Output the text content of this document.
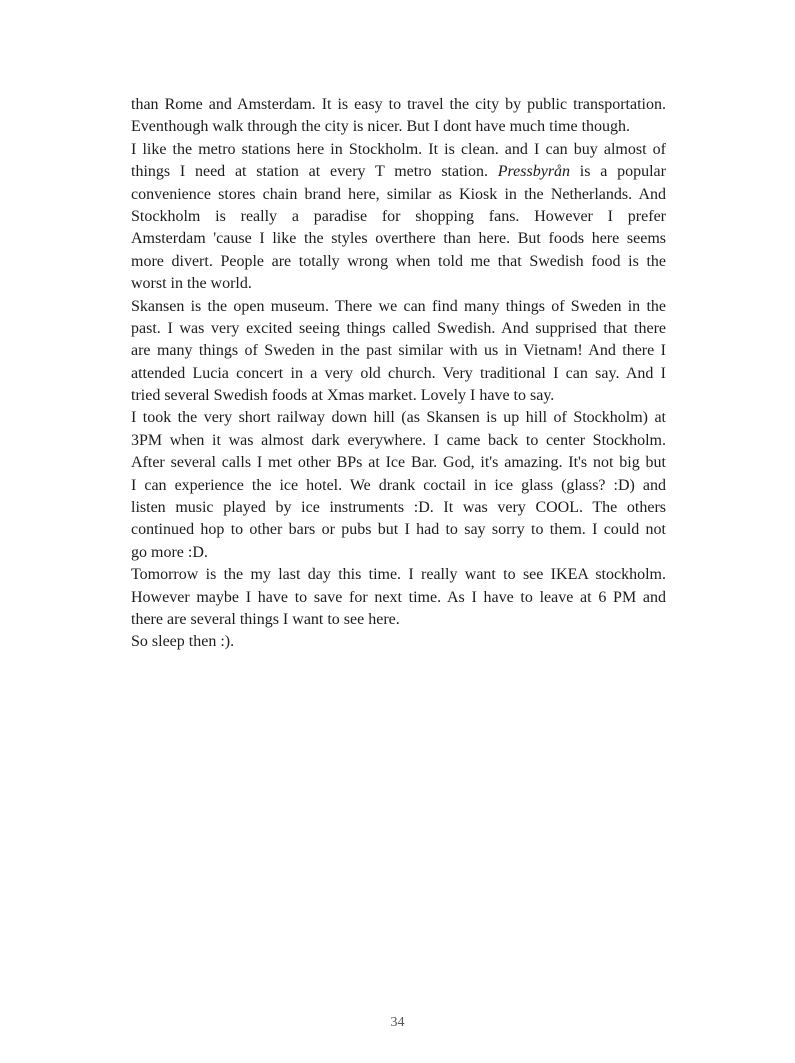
than Rome and Amsterdam. It is easy to travel the city by public transportation.
Eventhough walk through the city is nicer. But I dont have much time though.
I like the metro stations here in Stockholm. It is clean. and I can buy almost of
things I need at station at every T metro station. Pressbyrån is a popular
convenience stores chain brand here, similar as Kiosk in the Netherlands. And
Stockholm is really a paradise for shopping fans. However I prefer
Amsterdam 'cause I like the styles overthere than here. But foods here seems
more divert. People are totally wrong when told me that Swedish food is the
worst in the world.
Skansen is the open museum. There we can find many things of Sweden in the
past. I was very excited seeing things called Swedish. And supprised that there
are many things of Sweden in the past similar with us in Vietnam! And there I
attended Lucia concert in a very old church. Very traditional I can say. And I
tried several Swedish foods at Xmas market. Lovely I have to say.
I took the very short railway down hill (as Skansen is up hill of Stockholm) at
3PM when it was almost dark everywhere. I came back to center Stockholm.
After several calls I met other BPs at Ice Bar. God, it's amazing. It's not big but
I can experience the ice hotel. We drank coctail in ice glass (glass? :D) and
listen music played by ice instruments :D. It was very COOL. The others
continued hop to other bars or pubs but I had to say sorry to them. I could not
go more :D.
Tomorrow is the my last day this time. I really want to see IKEA stockholm.
However maybe I have to save for next time. As I have to leave at 6 PM and
there are several things I want to see here.
So sleep then :).
34
